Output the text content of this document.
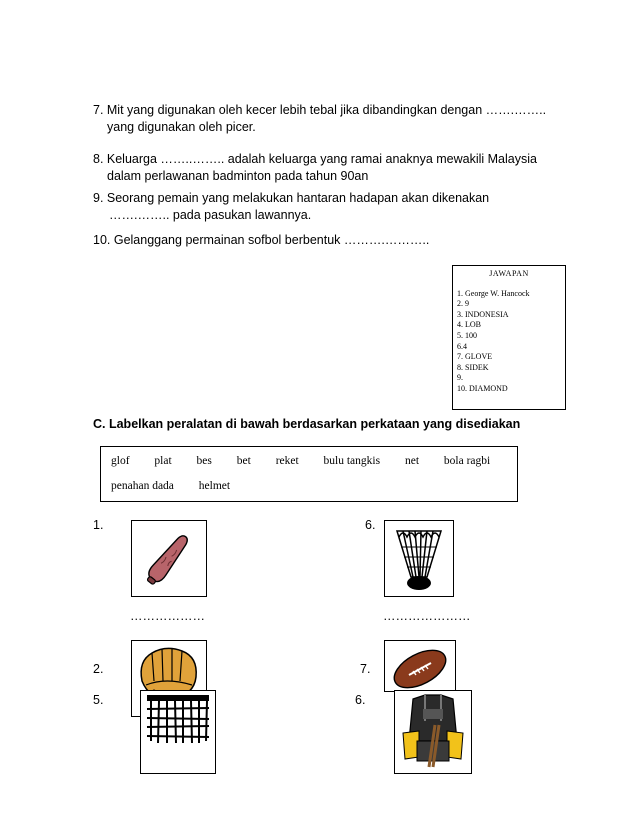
7. Mit yang digunakan oleh kecer lebih tebal jika dibandingkan dengan …….……..
yang digunakan oleh picer.
8. Keluarga ……..…….. adalah keluarga yang ramai anaknya mewakili Malaysia
dalam perlawanan badminton pada tahun 90an
9. Seorang pemain yang melakukan hantaran hadapan akan dikenakan
…….…….. pada pasukan lawannya.
10. Gelanggang permainan sofbol berbentuk ……….………..
JAWAPAN
1. George W. Hancock
2. 9
3. INDONESIA
4. LOB
5. 100
6.4
7. GLOVE
8. SIDEK
9.
10. DIAMOND
C. Labelkan peralatan di bawah berdasarkan perkataan yang disediakan
glof plat bes bet reket bulu tangkis net bola ragbi
penahan dada helmet
1.
………………
6.
…………………
2.	7.
5.	6.
